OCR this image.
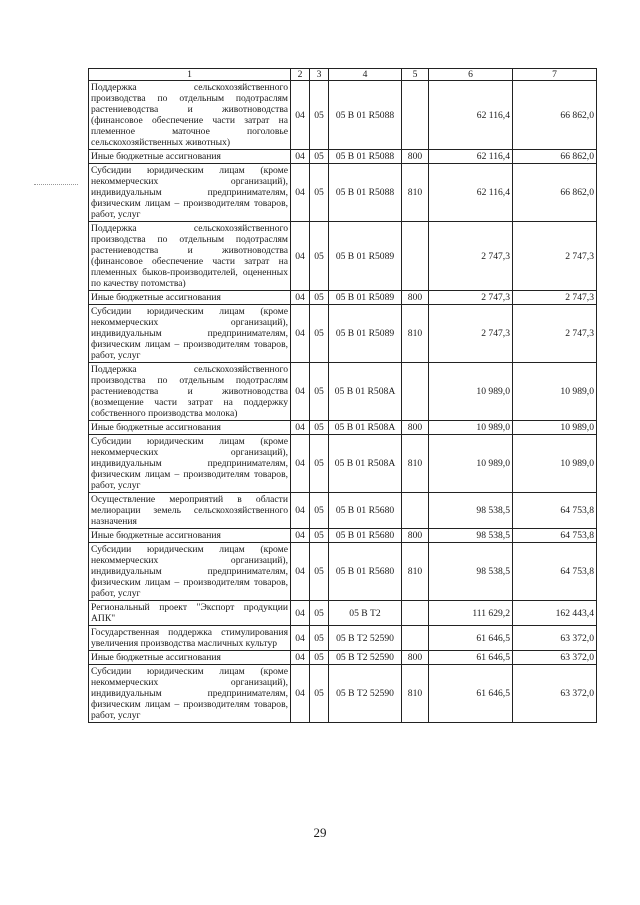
1	2	3	4	5	6	7
Поддержка сельскохозяйственного производства по отдельным подотраслям растениеводства и животноводства (финансовое обеспечение части затрат на племенное маточное поголовье сельскохозяйственных животных)	04	05	05 В 01 R5088		62 116,4	66 862,0
Иные бюджетные ассигнования	04	05	05 В 01 R5088	800	62 116,4	66 862,0
Субсидии юридическим лицам (кроме некоммерческих организаций), индивидуальным предпринимателям, физическим лицам – производителям товаров, работ, услуг	04	05	05 В 01 R5088	810	62 116,4	66 862,0
Поддержка сельскохозяйственного производства по отдельным подотраслям растениеводства и животноводства (финансовое обеспечение части затрат на племенных быков-производителей, оцененных по качеству потомства)	04	05	05 В 01 R5089		2 747,3	2 747,3
Иные бюджетные ассигнования	04	05	05 В 01 R5089	800	2 747,3	2 747,3
Субсидии юридическим лицам (кроме некоммерческих организаций), индивидуальным предпринимателям, физическим лицам – производителям товаров, работ, услуг	04	05	05 В 01 R5089	810	2 747,3	2 747,3
Поддержка сельскохозяйственного производства по отдельным подотраслям растениеводства и животноводства (возмещение части затрат на поддержку собственного производства молока)	04	05	05 В 01 R508А		10 989,0	10 989,0
Иные бюджетные ассигнования	04	05	05 В 01 R508А	800	10 989,0	10 989,0
Субсидии юридическим лицам (кроме некоммерческих организаций), индивидуальным предпринимателям, физическим лицам – производителям товаров, работ, услуг	04	05	05 В 01 R508А	810	10 989,0	10 989,0
Осуществление мероприятий в области мелиорации земель сельскохозяйственного назначения	04	05	05 В 01 R5680		98 538,5	64 753,8
Иные бюджетные ассигнования	04	05	05 В 01 R5680	800	98 538,5	64 753,8
Субсидии юридическим лицам (кроме некоммерческих организаций), индивидуальным предпринимателям, физическим лицам – производителям товаров, работ, услуг	04	05	05 В 01 R5680	810	98 538,5	64 753,8
Региональный проект "Экспорт продукции АПК"	04	05	05 В Т2		111 629,2	162 443,4
Государственная поддержка стимулирования увеличения производства масличных культур	04	05	05 В Т2 52590		61 646,5	63 372,0
Иные бюджетные ассигнования	04	05	05 В Т2 52590	800	61 646,5	63 372,0
Субсидии юридическим лицам (кроме некоммерческих организаций), индивидуальным предпринимателям, физическим лицам – производителям товаров, работ, услуг	04	05	05 В Т2 52590	810	61 646,5	63 372,0
29
